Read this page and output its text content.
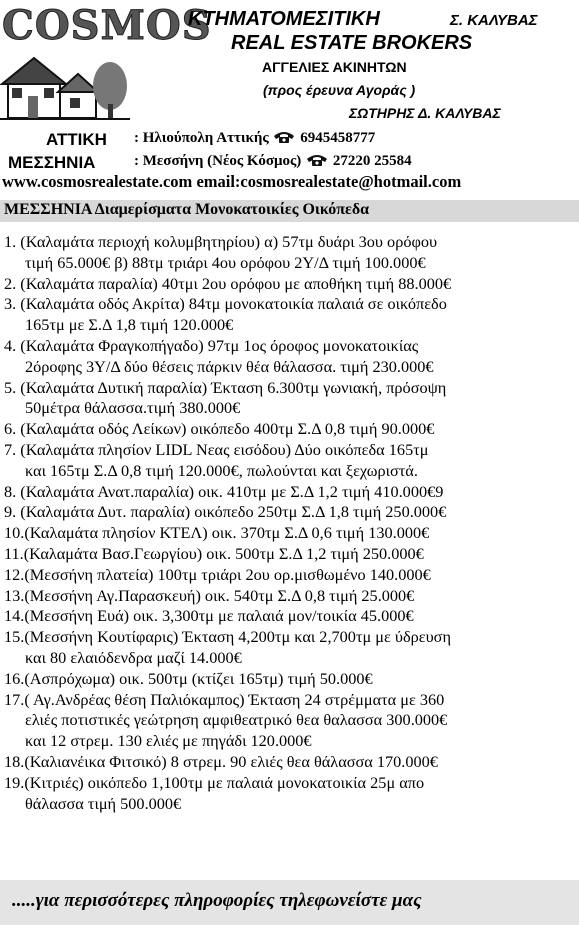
COSMOS
ΚΤΗΜΑΤΟΜΕΣΙΤΙΚΗ	Σ. ΚΑΛΥΒΑΣ
REAL ESTATE BROKERS
ΑΓΓΕΛΙΕΣ ΑΚΙΝΗΤΩΝ
(προς έρευνα Αγοράς )
ΣΩΤΗΡΗΣ Δ. ΚΑΛΥΒΑΣ
ΑΤΤΙΚΗ : Ηλιούπολη Αττικής 6945458777
ΜΕΣΣΗΝΙΑ	: Μεσσήνη (Νέος Κόσμος) 27220 25584
www.cosmosrealestate.com email:cosmosrealestate@hotmail.com
ΜΕΣΣΗΝΙΑ Διαμερίσματα Μονοκατοικίες Οικόπεδα
1. (Καλαμάτα περιοχή κολυμβητηρίου) α) 57τμ δυάρι 3ου ορόφου
τιμή 65.000€ β) 88τμ τριάρι 4ου ορόφου 2Υ/Δ τιμή 100.000€
2. (Καλαμάτα παραλία) 40τμι 2ου ορόφου με αποθήκη τιμή 88.000€
3. (Καλαμάτα οδός Ακρίτα) 84τμ μονοκατοικία παλαιά σε οικόπεδο
165τμ με Σ.Δ 1,8 τιμή 120.000€
4. (Καλαμάτα Φραγκοπήγαδο) 97τμ 1ος όροφος μονοκατοικίας
2όροφης 3Υ/Δ δύο θέσεις πάρκιν θέα θάλασσα. τιμή 230.000€
5. (Καλαμάτα Δυτική παραλία) Έκταση 6.300τμ γωνιακή, πρόσοψη
50μέτρα θάλασσα.τιμή 380.000€
6. (Καλαμάτα οδός Λείκων) οικόπεδο 400τμ Σ.Δ 0,8 τιμή 90.000€
7. (Καλαμάτα πλησίον LIDL Νεας εισόδου) Δύο οικόπεδα 165τμ
και 165τμ Σ.Δ 0,8 τιμή 120.000€, πωλούνται και ξεχωριστά.
8. (Καλαμάτα Ανατ.παραλία) οικ. 410τμ με Σ.Δ 1,2 τιμή 410.000€9
9. (Καλαμάτα Δυτ. παραλία) οικόπεδο 250τμ Σ.Δ 1,8 τιμή 250.000€
10.(Καλαμάτα πλησίον ΚΤΕΛ) οικ. 370τμ Σ.Δ 0,6 τιμή 130.000€
11.(Καλαμάτα Βασ.Γεωργίου) οικ. 500τμ Σ.Δ 1,2 τιμή 250.000€
12.(Μεσσήνη πλατεία) 100τμ τριάρι 2ου ορ.μισθωμένο 140.000€
13.(Μεσσήνη Αγ.Παρασκευή) οικ. 540τμ Σ.Δ 0,8 τιμή 25.000€
14.(Μεσσήνη Ευά) οικ. 3,300τμ με παλαιά μον/τοικία 45.000€
15.(Μεσσήνη Κουτίφαρις) Έκταση 4,200τμ και 2,700τμ με ύδρευση
και 80 ελαιόδενδρα μαζί 14.000€
16.(Ασπρόχωμα) οικ. 500τμ (κτίζει 165τμ) τιμή 50.000€
17.( Αγ.Ανδρέας θέση Παλιόκαμπος) Έκταση 24 στρέμματα με 360
ελιές ποτιστικές γεώτρηση αμφιθεατρικό θεα θαλασσα 300.000€
και 12 στρεμ. 130 ελιές με πηγάδι 120.000€
18.(Καλιανέικα Φιτσικό) 8 στρεμ. 90 ελιές θεα θάλασσα 170.000€
19.(Κιτριές) οικόπεδο 1,100τμ με παλαιά μονοκατοικία 25μ απο
θάλασσα τιμή 500.000€
.....για περισσότερες πληροφορίες τηλεφωνείστε μας
